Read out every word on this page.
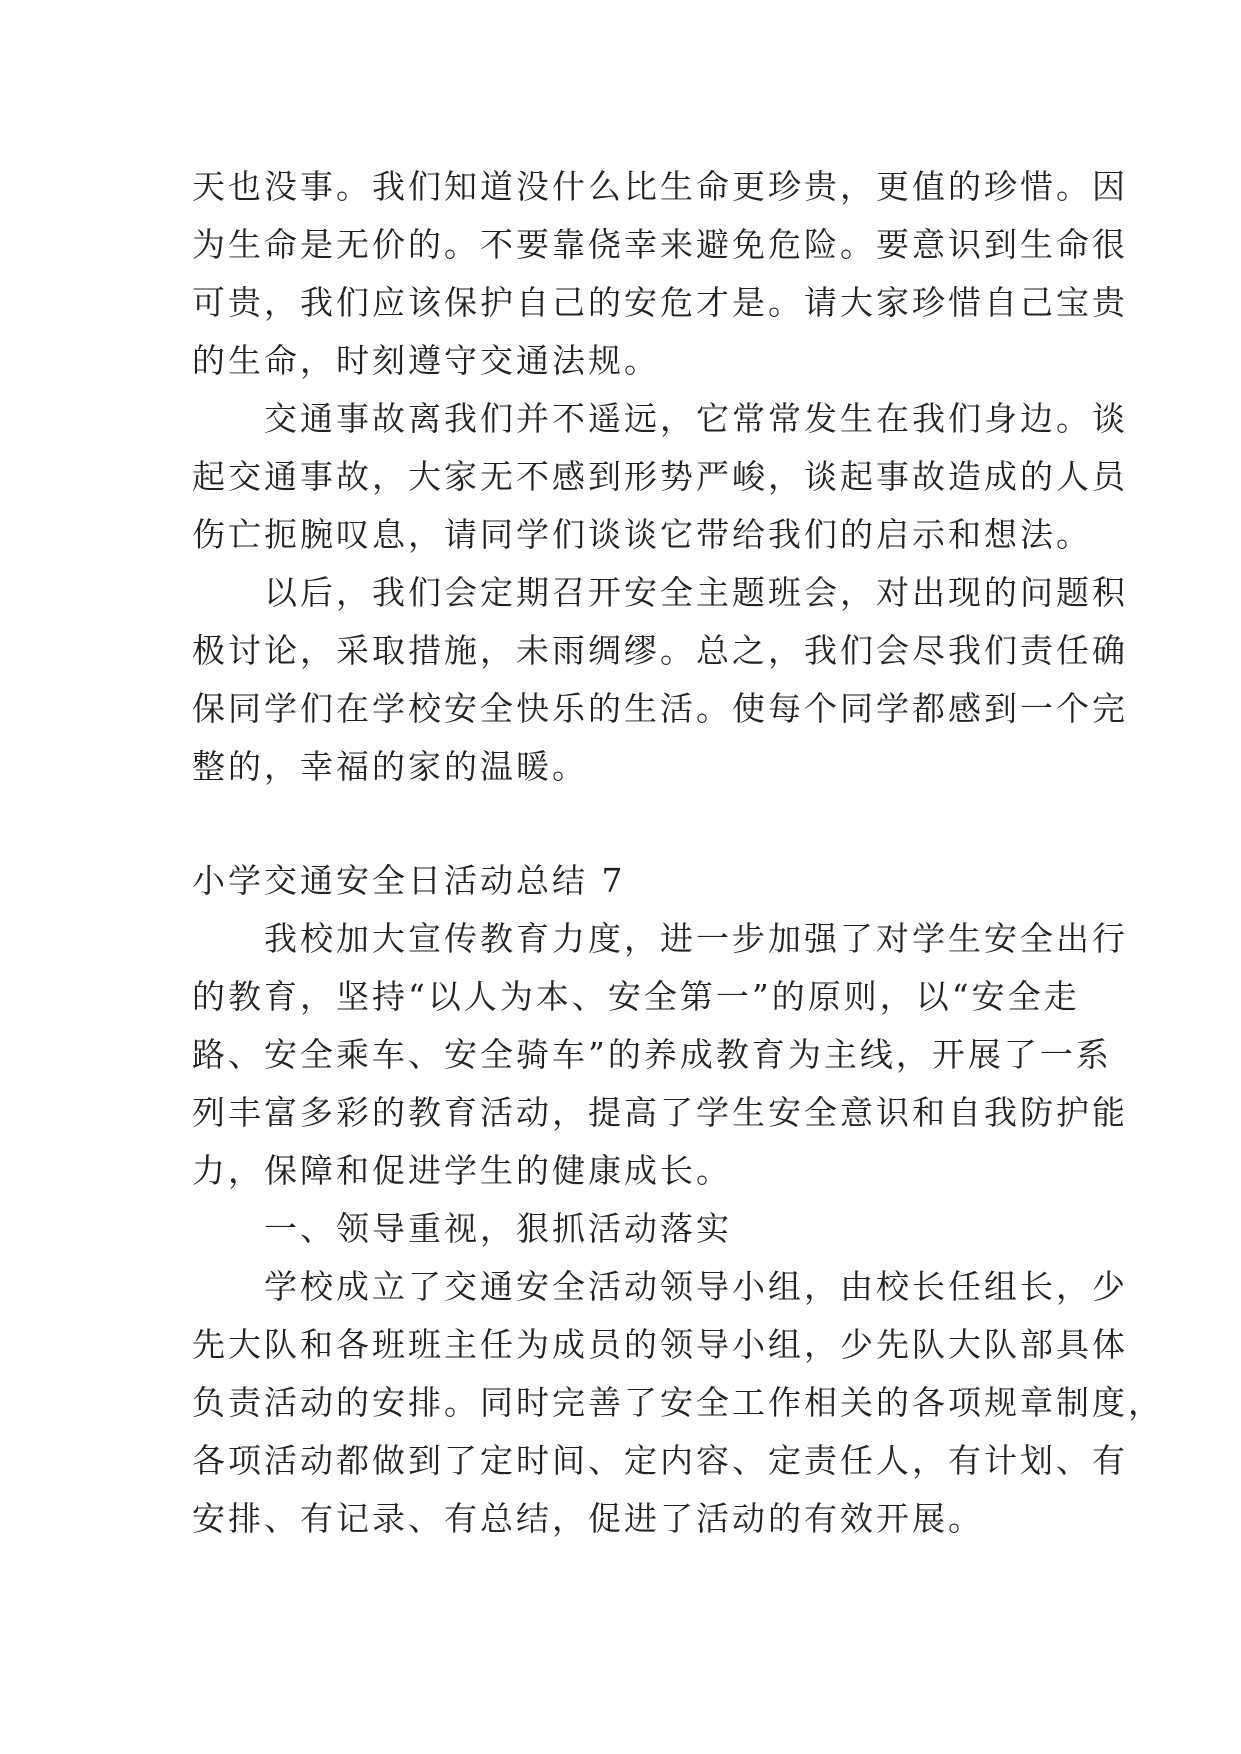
天也没事。我们知道没什么比生命更珍贵，更值的珍惜。因
为生命是无价的。不要靠侥幸来避免危险。要意识到生命很
可贵，我们应该保护自己的安危才是。请大家珍惜自己宝贵
的生命，时刻遵守交通法规。
　　交通事故离我们并不遥远，它常常发生在我们身边。谈
起交通事故，大家无不感到形势严峻，谈起事故造成的人员
伤亡扼腕叹息，请同学们谈谈它带给我们的启示和想法。
　　以后，我们会定期召开安全主题班会，对出现的问题积
极讨论，采取措施，未雨绸缪。总之，我们会尽我们责任确
保同学们在学校安全快乐的生活。使每个同学都感到一个完
整的，幸福的家的温暖。
小学交通安全日活动总结 7
　　我校加大宣传教育力度，进一步加强了对学生安全出行
的教育，坚持“以人为本、安全第一”的原则，以“安全走
路、安全乘车、安全骑车”的养成教育为主线，开展了一系
列丰富多彩的教育活动，提高了学生安全意识和自我防护能
力，保障和促进学生的健康成长。
　　一、领导重视，狠抓活动落实
　　学校成立了交通安全活动领导小组，由校长任组长，少
先大队和各班班主任为成员的领导小组，少先队大队部具体
负责活动的安排。同时完善了安全工作相关的各项规章制度，
各项活动都做到了定时间、定内容、定责任人，有计划、有
安排、有记录、有总结，促进了活动的有效开展。
